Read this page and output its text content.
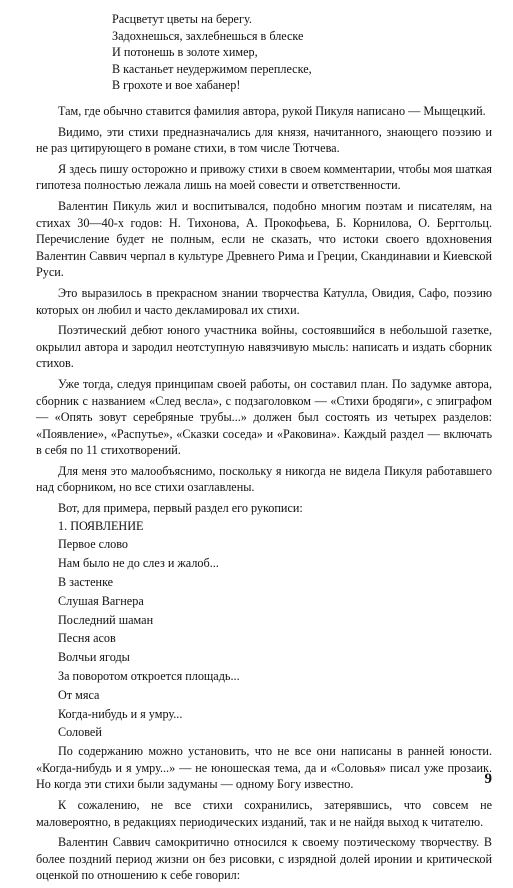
Расцветут цветы на берегу.
Задохнешься, захлебнешься в блеске
И потонешь в золоте химер,
В кастаньет неудержимом переплеске,
В грохоте и вое хабанер!

Там, где обычно ставится фамилия автора, рукой Пикуля написано — Мыщецкий.

Видимо, эти стихи предназначались для князя, начитанного, знающего поэзию и не раз цитирующего в романе стихи, в том числе Тютчева.

Я здесь пишу осторожно и привожу стихи в своем комментарии, чтобы моя шаткая гипотеза полностью лежала лишь на моей совести и ответственности.

Валентин Пикуль жил и воспитывался, подобно многим поэтам и писателям, на стихах 30—40-х годов: Н. Тихонова, А. Прокофьева, Б. Корнилова, О. Берггольц. Перечисление будет не полным, если не сказать, что истоки своего вдохновения Валентин Саввич черпал в культуре Древнего Рима и Греции, Скандинавии и Киевской Руси.

Это выразилось в прекрасном знании творчества Катулла, Овидия, Сафо, поэзию которых он любил и часто декламировал их стихи.

Поэтический дебют юного участника войны, состоявшийся в небольшой газетке, окрылил автора и зародил неотступную навязчивую мысль: написать и издать сборник стихов.

Уже тогда, следуя принципам своей работы, он составил план. По задумке автора, сборник с названием «След весла», с подзаголовком — «Стихи бродяги», с эпиграфом — «Опять зовут серебряные трубы...» должен был состоять из четырех разделов: «Появление», «Распутье», «Сказки соседа» и «Раковина». Каждый раздел — включать в себя по 11 стихотворений.

Для меня это малообъяснимо, поскольку я никогда не видела Пикуля работавшего над сборником, но все стихи озаглавлены.

Вот, для примера, первый раздел его рукописи:

1. ПОЯВЛЕНИЕ
Первое слово
Нам было не до слез и жалоб...
В застенке
Слушая Вагнера
Последний шаман
Песня асов
Волчьи ягоды
За поворотом откроется площадь...
От мяса
Когда-нибудь и я умру...
Соловей

По содержанию можно установить, что не все они написаны в ранней юности. «Когда-нибудь и я умру...» — не юношеская тема, да и «Соловья» писал уже прозаик. Но когда эти стихи были задуманы — одному Богу известно.

К сожалению, не все стихи сохранились, затерявшись, что совсем не маловероятно, в редакциях периодических изданий, так и не найдя выход к читателю.

Валентин Саввич самокритично относился к своему поэтическому творчеству. В более поздний период жизни он без рисовки, с изрядной долей иронии и критической оценкой по отношению к себе говорил:

9
